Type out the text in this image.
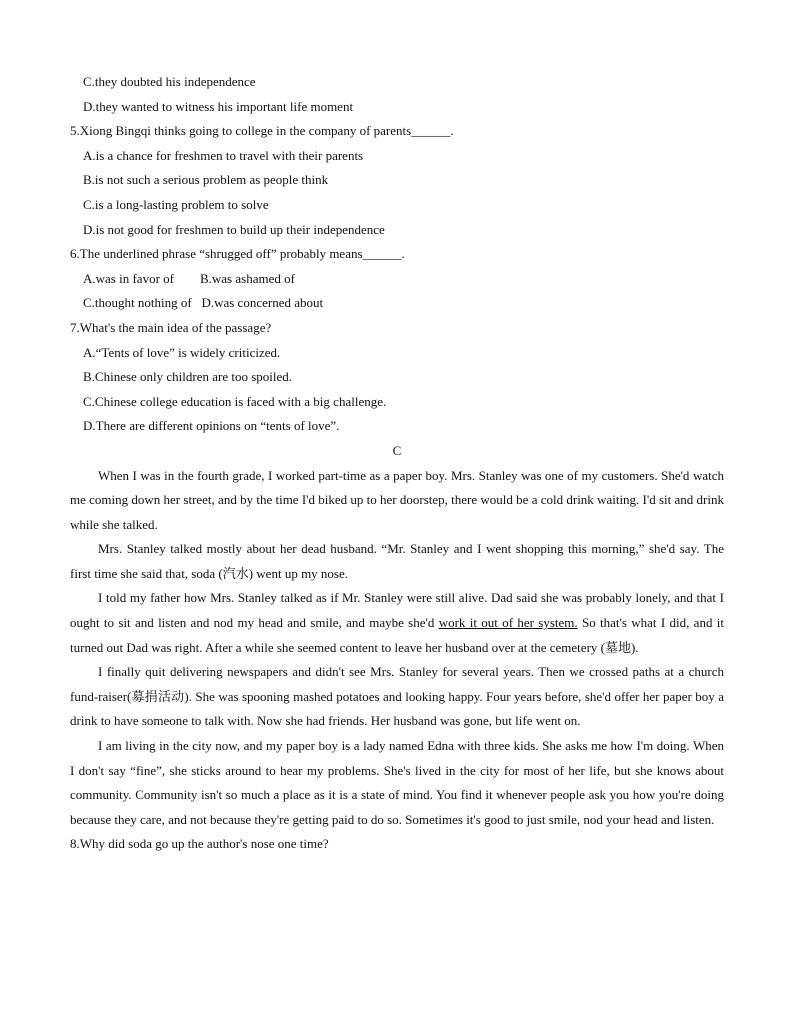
C.they doubted his independence
D.they wanted to witness his important life moment
5.Xiong Bingqi thinks going to college in the company of parents______.
A.is a chance for freshmen to travel with their parents
B.is not such a serious problem as people think
C.is a long-lasting problem to solve
D.is not good for freshmen to build up their independence
6.The underlined phrase “shrugged off” probably means______.
A.was in favor of        B.was ashamed of
C.thought nothing of   D.was concerned about
7.What's the main idea of the passage?
A.“Tents of love” is widely criticized.
B.Chinese only children are too spoiled.
C.Chinese college education is faced with a big challenge.
D.There are different opinions on “tents of love”.
C

When I was in the fourth grade, I worked part-time as a paper boy. Mrs. Stanley was one of my customers. She'd watch me coming down her street, and by the time I'd biked up to her doorstep, there would be a cold drink waiting. I'd sit and drink while she talked.

Mrs. Stanley talked mostly about her dead husband. “Mr. Stanley and I went shopping this morning,” she'd say. The first time she said that, soda (汽水) went up my nose.

I told my father how Mrs. Stanley talked as if Mr. Stanley were still alive. Dad said she was probably lonely, and that I ought to sit and listen and nod my head and smile, and maybe she'd work it out of her system. So that's what I did, and it turned out Dad was right. After a while she seemed content to leave her husband over at the cemetery (墓地).

I finally quit delivering newspapers and didn't see Mrs. Stanley for several years. Then we crossed paths at a church fund-raiser(募捐活动). She was spooning mashed potatoes and looking happy. Four years before, she'd offer her paper boy a drink to have someone to talk with. Now she had friends. Her husband was gone, but life went on.

I am living in the city now, and my paper boy is a lady named Edna with three kids. She asks me how I'm doing. When I don't say “fine”, she sticks around to hear my problems. She's lived in the city for most of her life, but she knows about community. Community isn't so much a place as it is a state of mind. You find it whenever people ask you how you're doing because they care, and not because they're getting paid to do so. Sometimes it's good to just smile, nod your head and listen.

8.Why did soda go up the author's nose one time?
